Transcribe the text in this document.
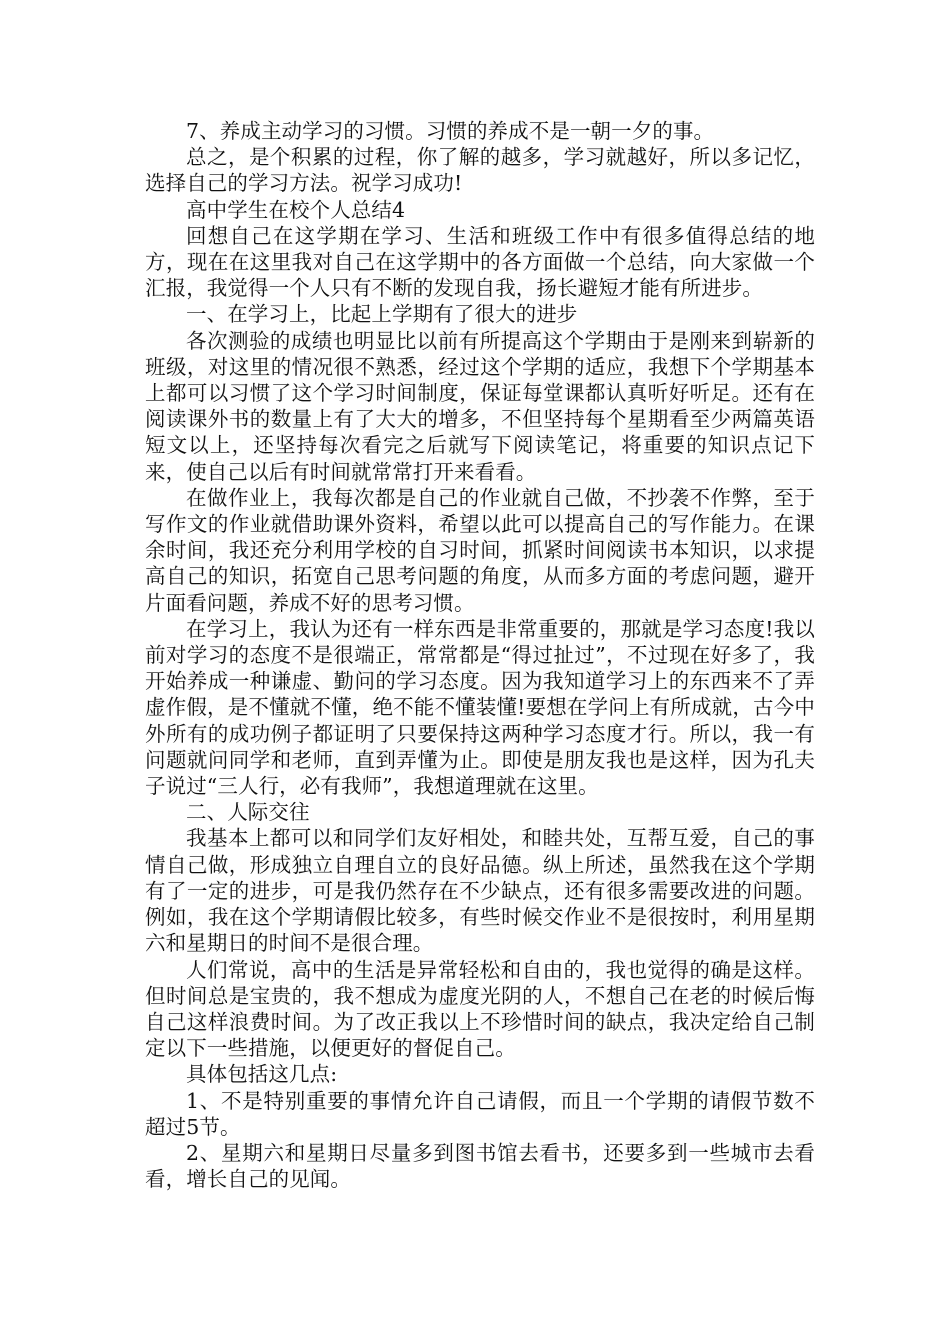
7、养成主动学习的习惯。习惯的养成不是一朝一夕的事。

总之，是个积累的过程，你了解的越多，学习就越好，所以多记忆，选择自己的学习方法。祝学习成功!

高中学生在校个人总结4

回想自己在这学期在学习、生活和班级工作中有很多值得总结的地方，现在在这里我对自己在这学期中的各方面做一个总结，向大家做一个汇报，我觉得一个人只有不断的发现自我，扬长避短才能有所进步。

一、在学习上，比起上学期有了很大的进步

各次测验的成绩也明显比以前有所提高这个学期由于是刚来到崭新的班级，对这里的情况很不熟悉，经过这个学期的适应，我想下个学期基本上都可以习惯了这个学习时间制度，保证每堂课都认真听好听足。还有在阅读课外书的数量上有了大大的增多，不但坚持每个星期看至少两篇英语短文以上，还坚持每次看完之后就写下阅读笔记，将重要的知识点记下来，使自己以后有时间就常常打开来看看。

在做作业上，我每次都是自己的作业就自己做，不抄袭不作弊，至于写作文的作业就借助课外资料，希望以此可以提高自己的写作能力。在课余时间，我还充分利用学校的自习时间，抓紧时间阅读书本知识，以求提高自己的知识，拓宽自己思考问题的角度，从而多方面的考虑问题，避开片面看问题，养成不好的思考习惯。

在学习上，我认为还有一样东西是非常重要的，那就是学习态度!我以前对学习的态度不是很端正，常常都是“得过扯过”，不过现在好多了，我开始养成一种谦虚、勤问的学习态度。因为我知道学习上的东西来不了弄虚作假，是不懂就不懂，绝不能不懂装懂!要想在学问上有所成就，古今中外所有的成功例子都证明了只要保持这两种学习态度才行。所以，我一有问题就问同学和老师，直到弄懂为止。即使是朋友我也是这样，因为孔夫子说过“三人行，必有我师”，我想道理就在这里。

二、人际交往

我基本上都可以和同学们友好相处，和睦共处，互帮互爱，自己的事情自己做，形成独立自理自立的良好品德。纵上所述，虽然我在这个学期有了一定的进步，可是我仍然存在不少缺点，还有很多需要改进的问题。例如，我在这个学期请假比较多，有些时候交作业不是很按时，利用星期六和星期日的时间不是很合理。

人们常说，高中的生活是异常轻松和自由的，我也觉得的确是这样。但时间总是宝贵的，我不想成为虚度光阴的人，不想自己在老的时候后悔自己这样浪费时间。为了改正我以上不珍惜时间的缺点，我决定给自己制定以下一些措施，以便更好的督促自己。

具体包括这几点:

1、不是特别重要的事情允许自己请假，而且一个学期的请假节数不超过5节。

2、星期六和星期日尽量多到图书馆去看书，还要多到一些城市去看看，增长自己的见闻。
